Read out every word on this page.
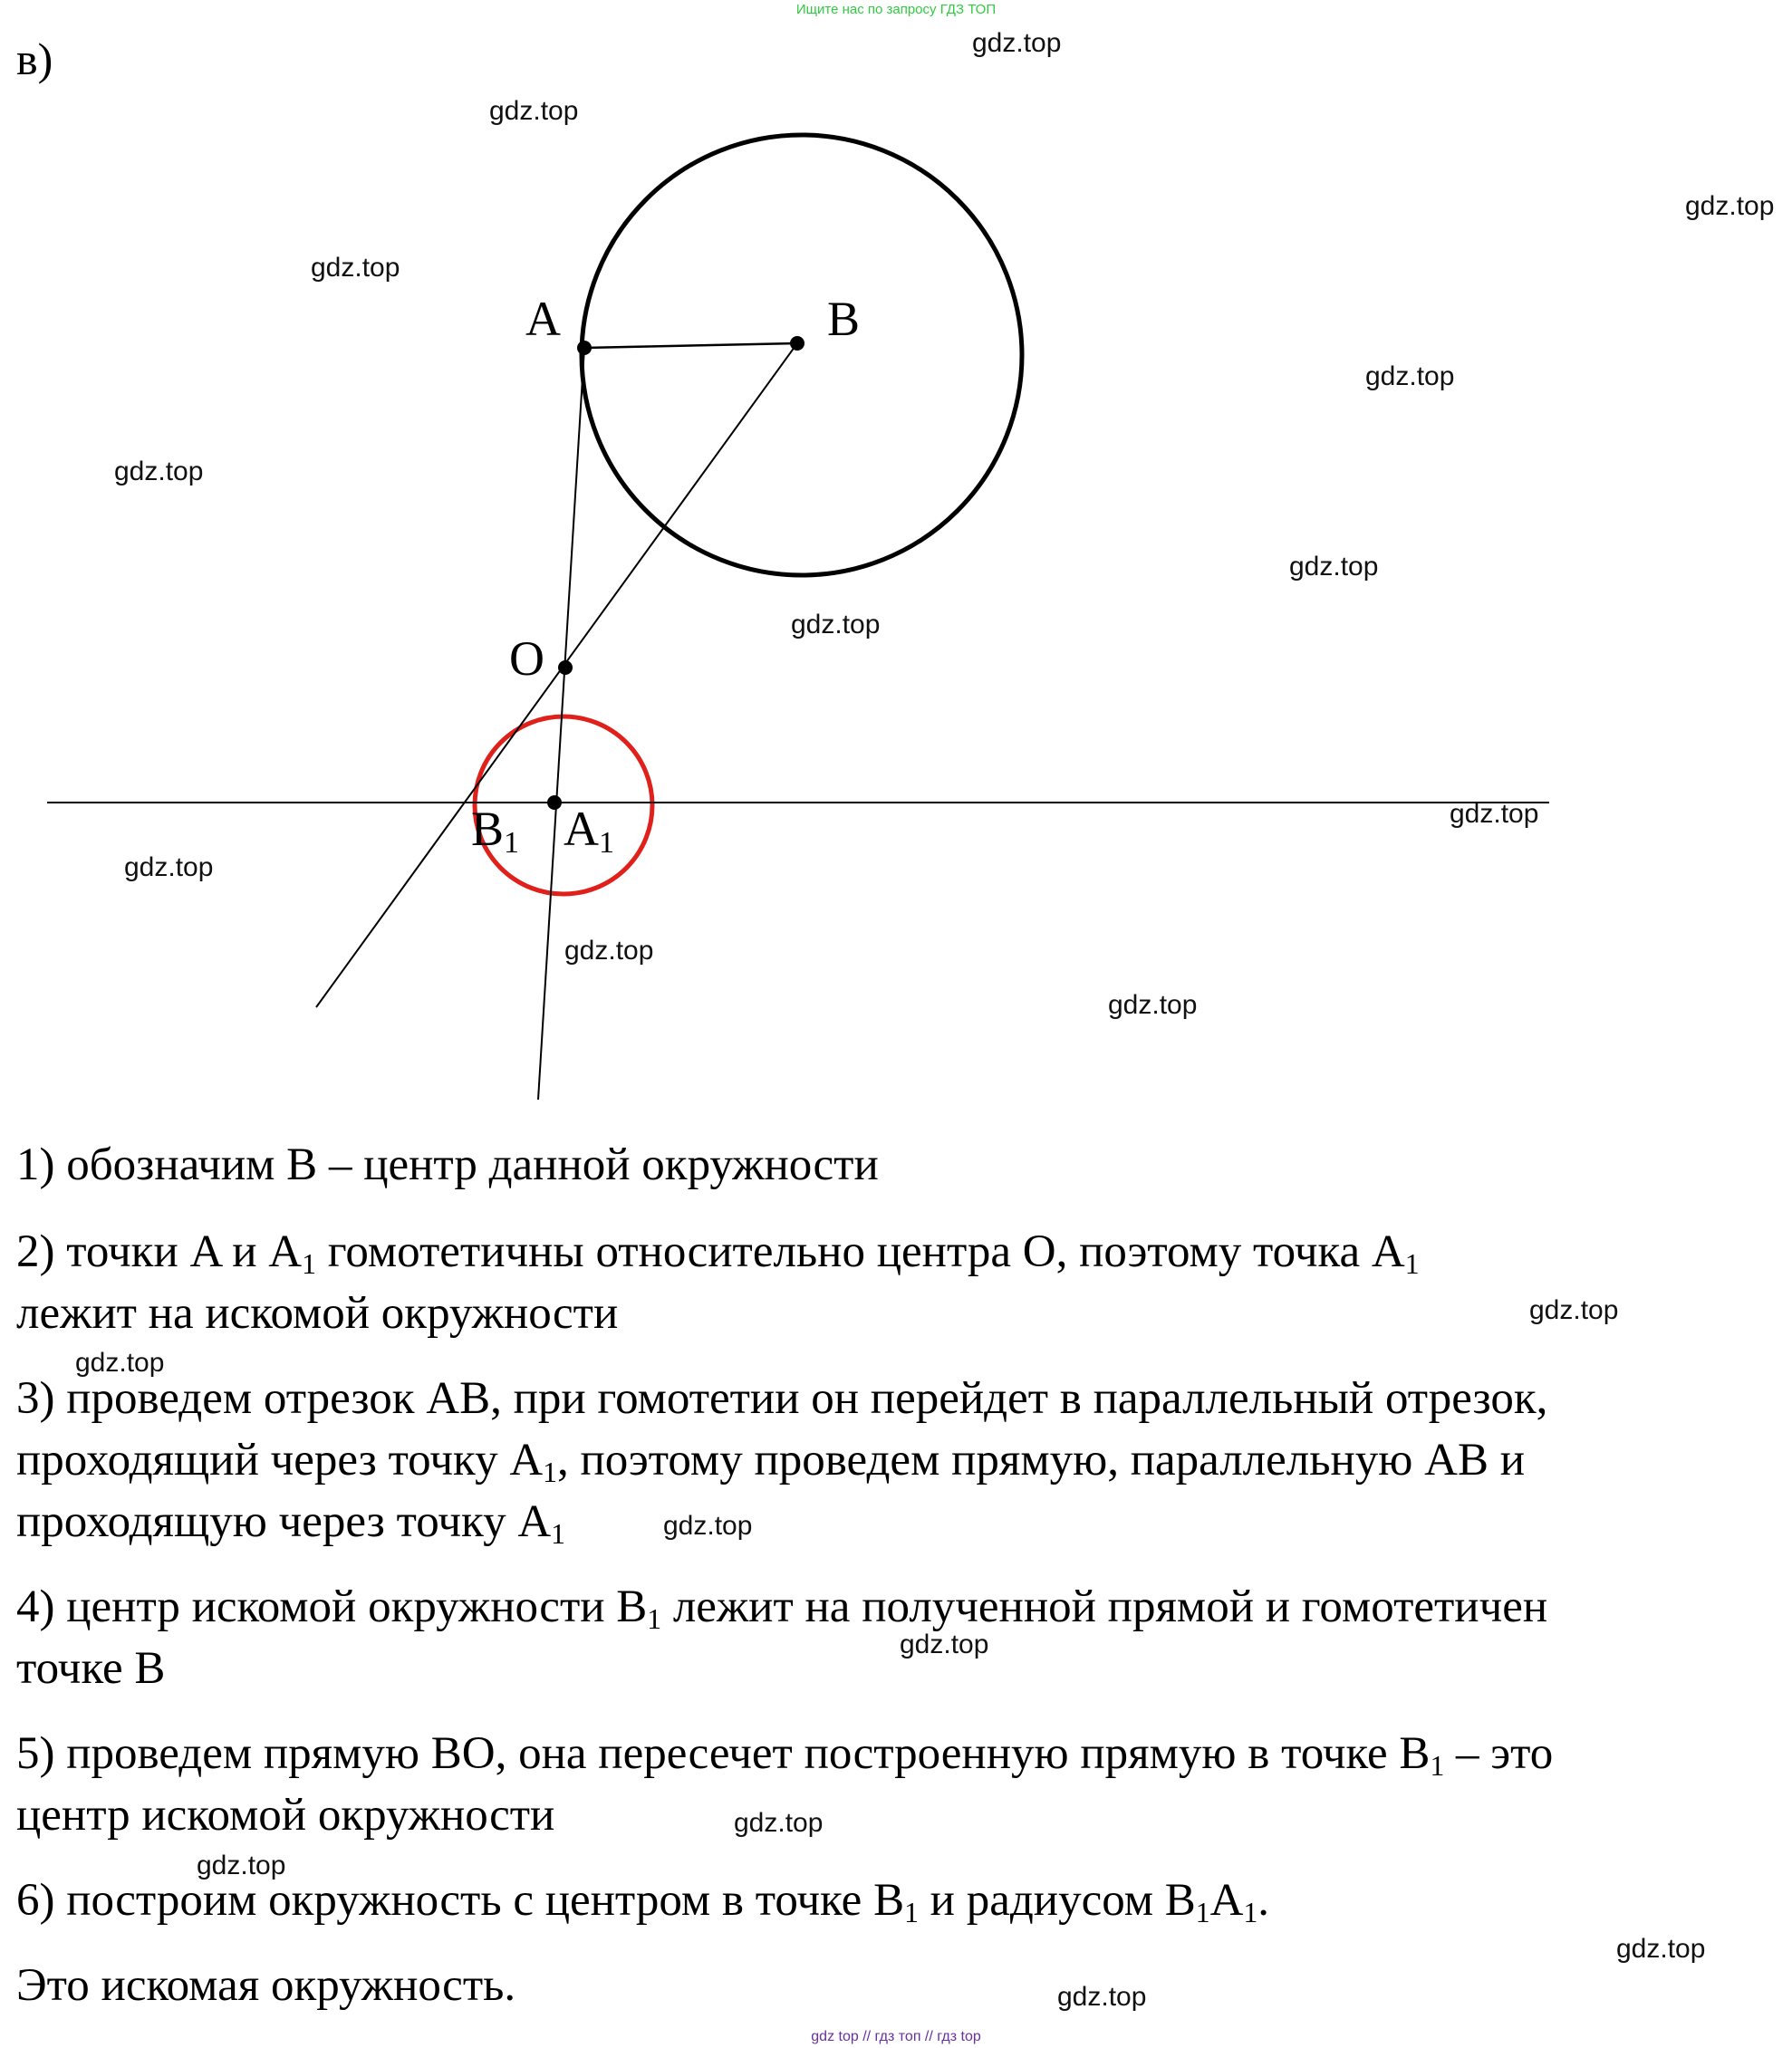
Ищите нас по запросу ГДЗ ТОП
в)
A	B
O
B1 A1
1) обозначим B – центр данной окружности
2) точки A и $A_1$ гомотетичны относительно центра O, поэтому точка $A_1$
лежит на искомой окружности
3) проведем отрезок AB, при гомотетии он перейдет в параллельный отрезок,
проходящий через точку $A_1$, поэтому проведем прямую, параллельную AB и
проходящую через точку $A_1$
4) центр искомой окружности $B_1$ лежит на полученной прямой и гомотетичен
точке B
5) проведем прямую BO, она пересечет построенную прямую в точке $B_1$ – это
центр искомой окружности
6) построим окружность с центром в точке $B_1$ и радиусом $B_1A_1$.
Это искомая окружность.
gdz.top
gdz.top
gdz.top
gdz.top
gdz.top
gdz.top
gdz.top
gdz.top
gdz.top
gdz.top
gdz.top
gdz.top
gdz.top
gdz.top
gdz.top
gdz.top
gdz.top
gdz.top
gdz.top
gdz.top
gdz top // гдз топ // гдз top
